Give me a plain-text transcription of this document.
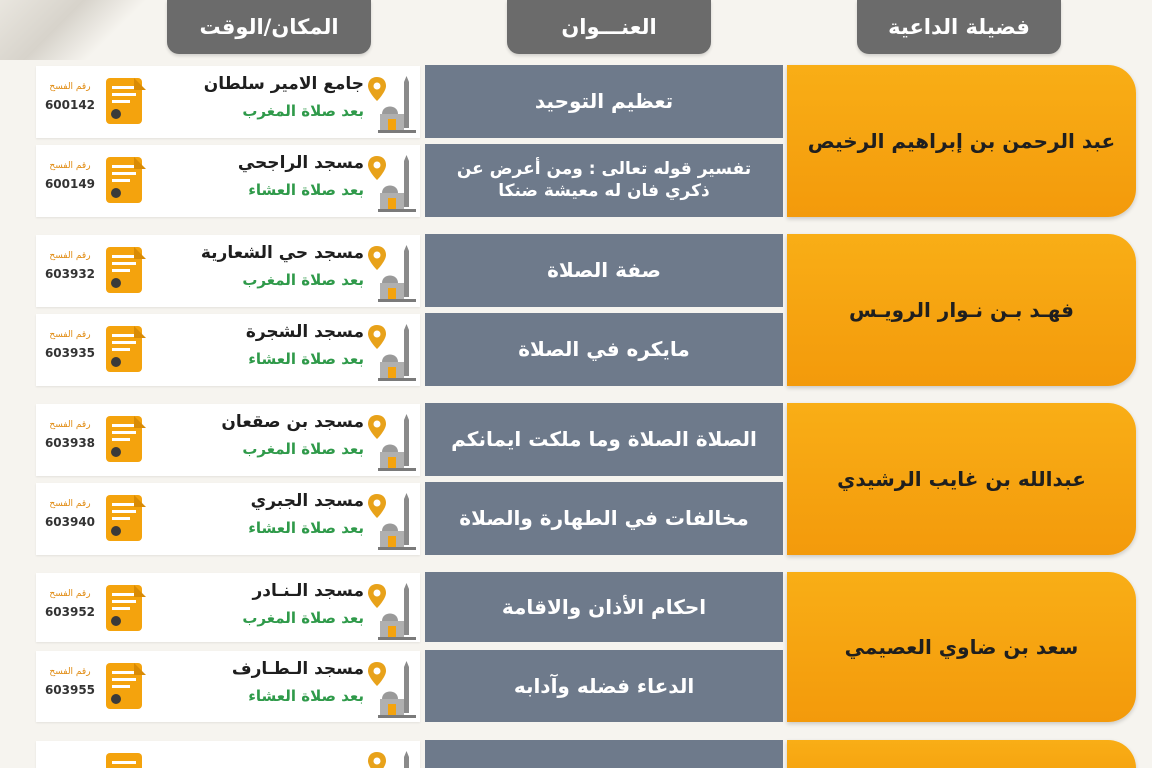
فضيلة الداعية
العنـــوان
المكان/الوقت
عبد الرحمن بن إبراهيم الرخيص
فهـد بـن نـوار الرويـس
عبدالله بن غايب الرشيدي
سعد بن ضاوي العصيمي
تعظيم التوحيد
تفسير قوله تعالى : ومن أعرض عن ذكري فان له معيشة ضنكا
صفة الصلاة
مايكره في الصلاة
الصلاة الصلاة وما ملكت ايمانكم
مخالفات في الطهارة والصلاة
احكام الأذان والاقامة
الدعاء فضله وآدابه
رقم الفسح
600142
جامع الامير سلطان
بعد صلاة المغرب
رقم الفسح
600149
مسجد الراجحي
بعد صلاة العشاء
رقم الفسح
603932
مسجد حي الشعارية
بعد صلاة المغرب
رقم الفسح
603935
مسجد الشجرة
بعد صلاة العشاء
رقم الفسح
603938
مسجد بن صقعان
بعد صلاة المغرب
رقم الفسح
603940
مسجد الجبري
بعد صلاة العشاء
رقم الفسح
603952
مسجد الـنـادر
بعد صلاة المغرب
رقم الفسح
603955
مسجد الـطـارف
بعد صلاة العشاء
